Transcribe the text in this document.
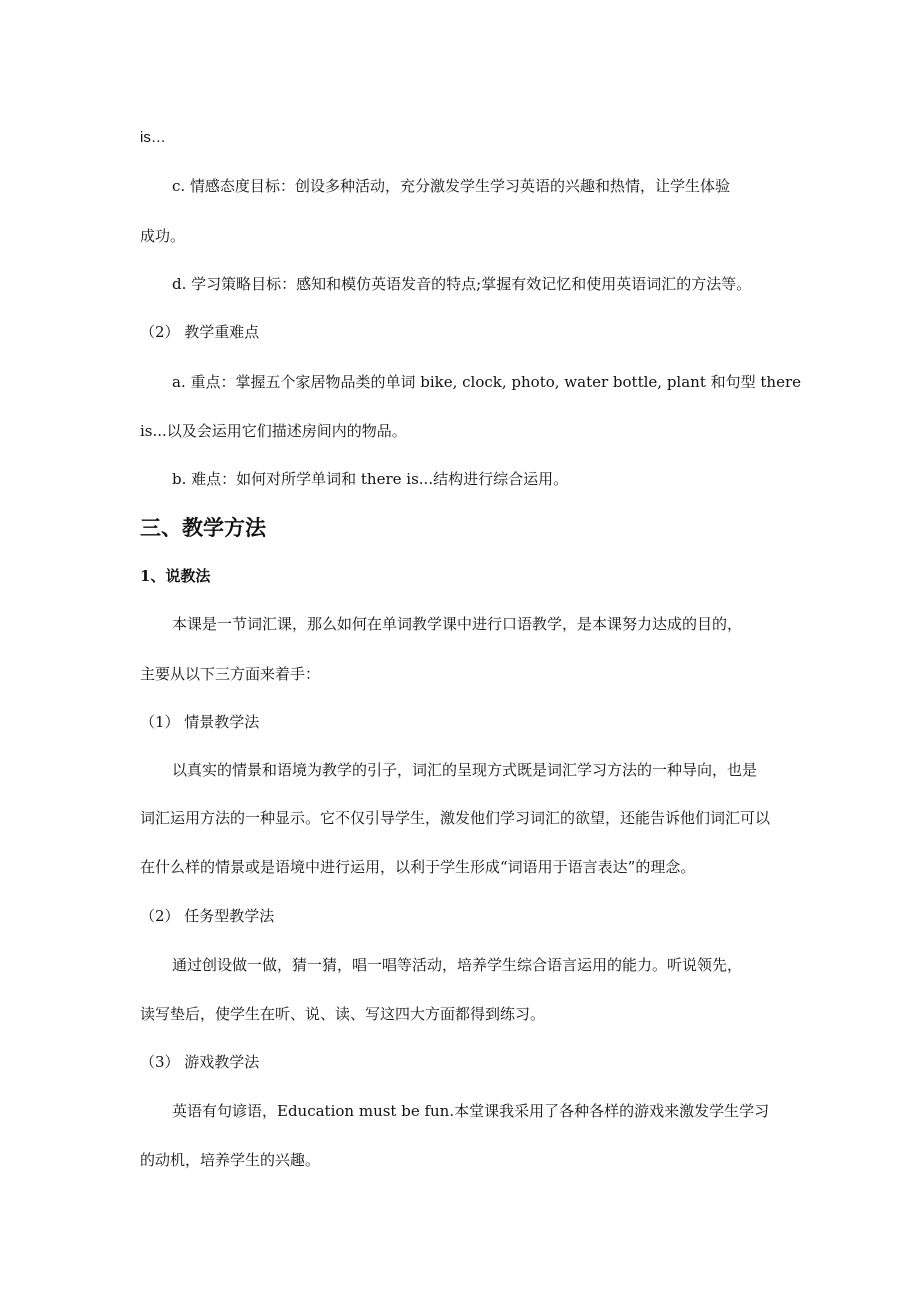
is…
c. 情感态度目标：创设多种活动，充分激发学生学习英语的兴趣和热情，让学生体验
成功。
d. 学习策略目标：感知和模仿英语发音的特点;掌握有效记忆和使用英语词汇的方法等。
（2） 教学重难点
a. 重点：掌握五个家居物品类的单词 bike, clock, photo, water bottle, plant 和句型 there
is...以及会运用它们描述房间内的物品。
b. 难点：如何对所学单词和 there is...结构进行综合运用。
三、教学方法
1、说教法
本课是一节词汇课，那么如何在单词教学课中进行口语教学，是本课努力达成的目的，
主要从以下三方面来着手：
（1） 情景教学法
以真实的情景和语境为教学的引子，词汇的呈现方式既是词汇学习方法的一种导向，也是
词汇运用方法的一种显示。它不仅引导学生，激发他们学习词汇的欲望，还能告诉他们词汇可以
在什么样的情景或是语境中进行运用，以利于学生形成“词语用于语言表达”的理念。
（2） 任务型教学法
通过创设做一做，猜一猜，唱一唱等活动，培养学生综合语言运用的能力。听说领先，
读写垫后，使学生在听、说、读、写这四大方面都得到练习。
（3） 游戏教学法
英语有句谚语，Education must be fun.本堂课我采用了各种各样的游戏来激发学生学习
的动机，培养学生的兴趣。
